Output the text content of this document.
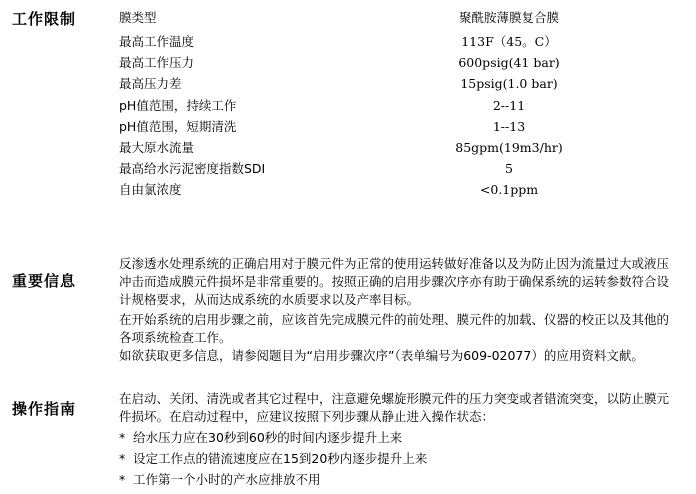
工作限制	膜类型	聚酰胺薄膜复合膜
最高工作温度	113F（45。C）
最高工作压力	600psig(41 bar)
最高压力差	15psig(1.0 bar)
pH值范围，持续工作	2--11
pH值范围，短期清洗	1--13
最大原水流量	85gpm(19m3/hr)
最高给水污泥密度指数SDI	5
自由氯浓度	<0.1ppm
重要信息

反渗透水处理系统的正确启用对于膜元件为正常的使用运转做好准备以及为防止因为流量过大或液压冲击而造成膜元件损坏是非常重要的。按照正确的启用步骤次序亦有助于确保系统的运转参数符合设计规格要求，从而达成系统的水质要求以及产率目标。

在开始系统的启用步骤之前，应该首先完成膜元件的前处理、膜元件的加载、仪器的校正以及其他的各项系统检查工作。

如欲获取更多信息，请参阅题目为“启用步骤次序”（表单编号为609-02077）的应用资料文献。

操作指南

在启动、关闭、清洗或者其它过程中，注意避免螺旋形膜元件的压力突变或者错流突变，以防止膜元件损坏。在启动过程中，应建议按照下列步骤从静止进入操作状态：

* 给水压力应在30秒到60秒的时间内逐步提升上来
* 设定工作点的错流速度应在15到20秒内逐步提升上来
* 工作第一个小时的产水应排放不用
